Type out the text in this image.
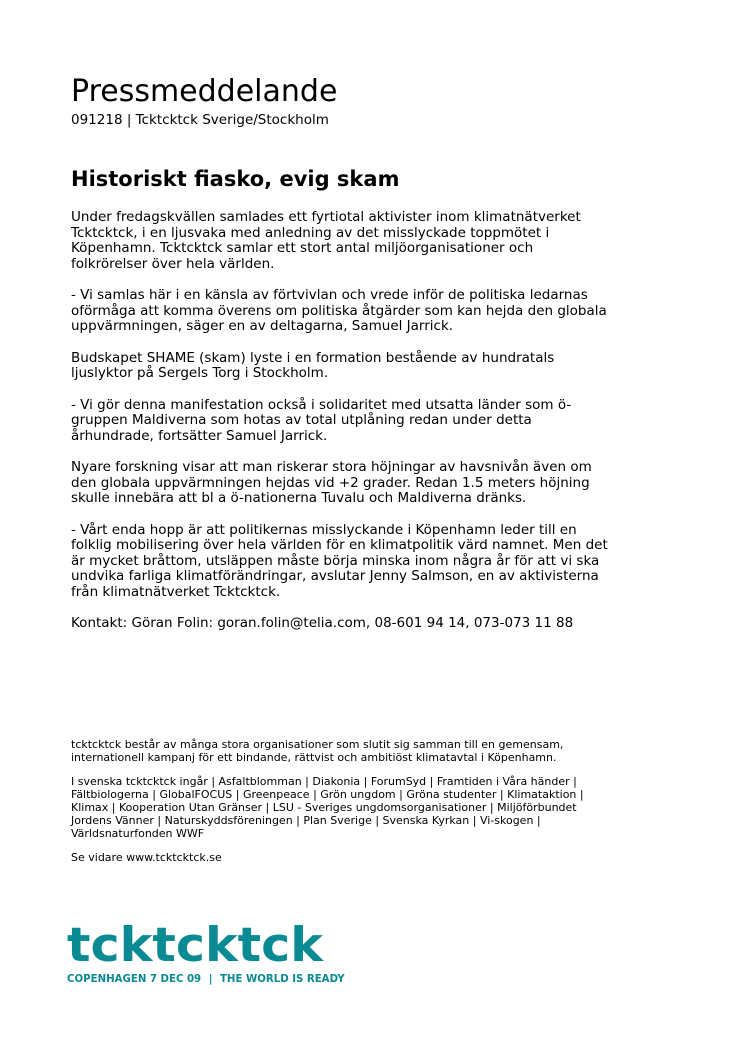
Pressmeddelande
091218 | Tcktcktck Sverige/Stockholm
Historiskt fiasko, evig skam
Under fredagskvällen samlades ett fyrtiotal aktivister inom klimatnätverket
Tcktcktck, i en ljusvaka med anledning av det misslyckade toppmötet i
Köpenhamn. Tcktcktck samlar ett stort antal miljöorganisationer och
folkrörelser över hela världen.
- Vi samlas här i en känsla av förtvivlan och vrede inför de politiska ledarnas
oförmåga att komma överens om politiska åtgärder som kan hejda den globala
uppvärmningen, säger en av deltagarna, Samuel Jarrick.
Budskapet SHAME (skam) lyste i en formation bestående av hundratals
ljuslyktor på Sergels Torg i Stockholm.
- Vi gör denna manifestation också i solidaritet med utsatta länder som ö-
gruppen Maldiverna som hotas av total utplåning redan under detta
århundrade, fortsätter Samuel Jarrick.
Nyare forskning visar att man riskerar stora höjningar av havsnivån även om
den globala uppvärmningen hejdas vid +2 grader. Redan 1.5 meters höjning
skulle innebära att bl a ö-nationerna Tuvalu och Maldiverna dränks.
- Vårt enda hopp är att politikernas misslyckande i Köpenhamn leder till en
folklig mobilisering över hela världen för en klimatpolitik värd namnet. Men det
är mycket bråttom, utsläppen måste börja minska inom några år för att vi ska
undvika farliga klimatförändringar, avslutar Jenny Salmson, en av aktivisterna
från klimatnätverket Tcktcktck.
Kontakt: Göran Folin: goran.folin@telia.com, 08-601 94 14, 073-073 11 88
tcktcktck består av många stora organisationer som slutit sig samman till en gemensam,
internationell kampanj för ett bindande, rättvist och ambitiöst klimatavtal i Köpenhamn.
I svenska tcktcktck ingår | Asfaltblomman | Diakonia | ForumSyd | Framtiden i Våra händer |
Fältbiologerna | GlobalFOCUS | Greenpeace | Grön ungdom | Gröna studenter | Klimataktion |
Klimax | Kooperation Utan Gränser | LSU - Sveriges ungdomsorganisationer | Miljöförbundet
Jordens Vänner | Naturskyddsföreningen | Plan Sverige | Svenska Kyrkan | Vi-skogen |
Världsnaturfonden WWF
Se vidare www.tcktcktck.se
tcktcktck
COPENHAGEN 7 DEC 09 | THE WORLD IS READY
